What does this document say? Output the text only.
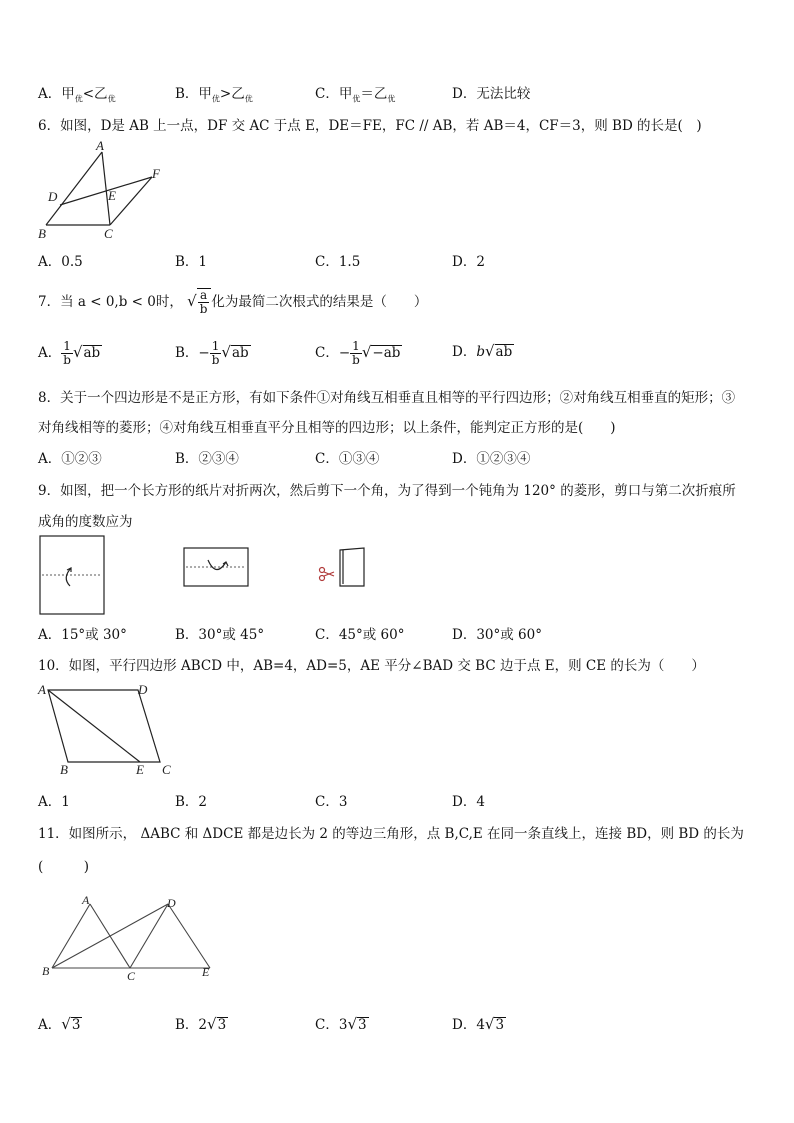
A．甲$_优$<乙$_优$	B．甲$_优$>乙$_优$	C．甲$_优$＝乙$_优$	D．无法比较
6．如图，D是 AB 上一点，DF 交 AC 于点 E，DE＝FE，FC // AB，若 AB＝4，CF＝3，则 BD 的长是(　)
A
D	E
F
B	C
A．0.5	B．1	C．1.5	D．2
7．当 a < 0,b < 0时， √ $\frac{a}{b}$ 化为最简二次根式的结果是（　　）
A． $\frac{1}{b} √ab$	B．− $\frac{1}{b} √ab$	C．− $\frac{1}{b} √-ab$	D．b√ab
8．关于一个四边形是不是正方形，有如下条件①对角线互相垂直且相等的平行四边形；②对角线互相垂直的矩形；③
对角线相等的菱形；④对角线互相垂直平分且相等的四边形；以上条件，能判定正方形的是(　　)
A．①②③	B．②③④	C．①③④	D．①②③④
9．如图，把一个长方形的纸片对折两次，然后剪下一个角，为了得到一个钝角为 120° 的菱形，剪口与第二次折痕所
成角的度数应为
A．15°或 30°	B．30°或 45°	C．45°或 60°	D．30°或 60°
10．如图，平行四边形 ABCD 中，AB=4，AD=5，AE 平分∠BAD 交 BC 边于点 E，则 CE 的长为（　　）
A	D
B	E C
A．1	B．2	C．3	D．4
11．如图所示， ΔABC 和 ΔDCE 都是边长为 2 的等边三角形，点 B,C,E 在同一条直线上，连接 BD，则 BD 的长为
(　　　)
A	D
B	C	E
A．√3	B．2√3	C．3√3	D．4√3
